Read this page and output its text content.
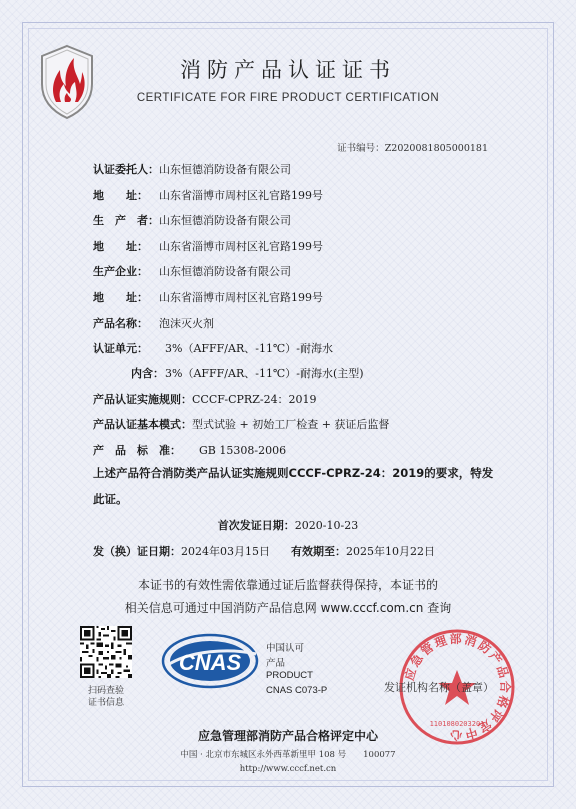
消防产品认证证书
CERTIFICATE FOR FIRE PRODUCT CERTIFICATION
证书编号：Z2020081805000181
认证委托人：山东恒德消防设备有限公司
地　　址： 山东省淄博市周村区礼官路199号
生　产　者：山东恒德消防设备有限公司
地　　址： 山东省淄博市周村区礼官路199号
生产企业： 山东恒德消防设备有限公司
地　　址： 山东省淄博市周村区礼官路199号
产品名称： 泡沫灭火剂
认证单元： 3%（AFFF/AR、-11℃）-耐海水
内含：3%（AFFF/AR、-11℃）-耐海水(主型)
产品认证实施规则：CCCF-CPRZ-24：2019
产品认证基本模式：型式试验 + 初始工厂检查 + 获证后监督
产　品　标　准： GB 15308-2006
上述产品符合消防类产品认证实施规则CCCF-CPRZ-24：2019的要求，特发
此证。
首次发证日期：2020-10-23
发（换）证日期：2024年03月15日 有效期至：2025年10月22日
本证书的有效性需依靠通过证后监督获得保持，本证书的
相关信息可通过中国消防产品信息网 www.cccf.com.cn 查询
扫码查验
证书信息
CNAS
中国认可
产品
PRODUCT
CNAS C073-P
应急管理部消防产品合格评定中心
1101080203201
发证机构名称（盖章）
应急管理部消防产品合格评定中心
中国 · 北京市东城区永外西革新里甲 108 号　　100077
http://www.cccf.net.cn
